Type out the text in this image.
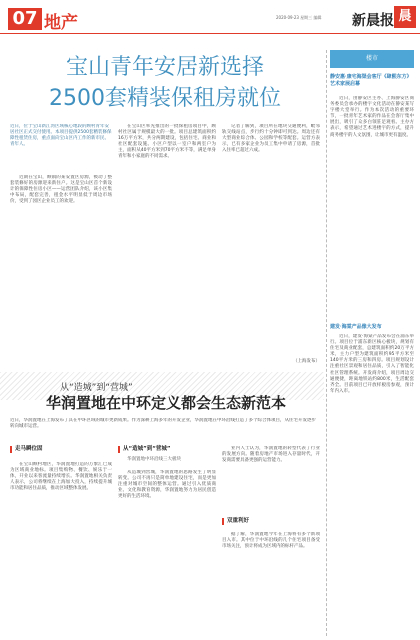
07 地产	2020·09·23 星期三 编辑 新晨报 晨
宝山青年安居新选择
2500套精装保租房就位
近日，位于宝山新江湾区域核心地段的顾村青年安居社区正式交付使用。本项目提供2500套精装修保障性租赁住房，重点面向宝山区内工作的新市民、青年人。

近期在宝山，顾镇的某安置区房源，被动了整套装修好的房源迎来新住户。这是宝山区首个新设计的保障性住房小区——运营团队介绍，该小区集中布局，配套完善，租金水平明显低于周边市场价，受到了园区企业员工的欢迎。

在宝山区率先推出的一批保租房项目中，顾村社区属于规模最大的一批。项目总建筑面积约16万平方米，共分两期建设，包括住宅、商业和社区配套设施。小区户型以一室户和两室户为主，面积从40平方米到70平方米不等，满足单身青年和小家庭的不同需求。

记者了解到，项目所在地块交通便利，毗邻轨交线站点，步行约十分钟即可到达。周边还有大型商业综合体、公园和学校等配套。运营方表示，已有多家企业为员工集中申请了房源，首批入住率已超过六成。

（上海发布）
楼市
静安惠·康宅海渠会客厅《肆熙东方》艺术家展启幕

近日，由静安区主办、上海静安区商务委员会承办的楼宇文化活动在静安某写字楼大堂举行。作为本次活动的重要环节，一批青年艺术家的作品在会客厅集中展出，吸引了众多白领驻足观看。主办方表示，希望通过艺术进楼宇的方式，提升商务楼宇的人文氛围，让城市更有温度。

建发·海棠产品像大发布

近日，建发·海棠产品发布会在浦东举行。项目位于浦东新区核心板块，规划有住宅及商业配套，总建筑面积约20万平方米，主力户型为建筑面积约95平方米至140平方米的三房和四房。项目规划设计注重社区景观和居住品质，引入了智能化社区管理系统。开发商介绍，项目周边交通便捷，距离地铁站约800米，生活配套齐全。目前项目已开放样板房参观，预计年内入市。

从“造城”到“营城”
华润置地在中环定义都会生态新范本
近日，华润置地在上海发布了其在中环区域的城市更新成果。作为深耕上海多年的开发企业，华润置地在中环沿线打造了多个综合体项目，从住宅开发逐步转向城市运营。
走马瞬位固

在宝山顾村地区，华润置地打造的万象汇已成为区域商业地标。项目集购物、餐饮、娱乐于一体，开业以来客流量持续增长。华润置地相关负责人表示，公司将继续在上海加大投入，持续提升城市功能和居住品质，推动区域整体发展。

从“造城”到“营城”
华润置地中环沿线三大板块

从造城到营城，华润置地的思路发生了明显转变。公司不再只是简单地建设住宅，而是更加注重对城市空间的整体运营。通过引入优质商业、文化和教育资源，华润置地努力为居民创造更好的生活环境。

业内人士认为，华润置地的转型代表了行业的发展方向。随着房地产市场进入存量时代，开发商需要具备更强的运营能力。

双重利好

据了解，华润置地今年在上海将有多个新项目入市。其中位于中环沿线的几个住宅项目备受市场关注，预计将成为区域内的标杆产品。
